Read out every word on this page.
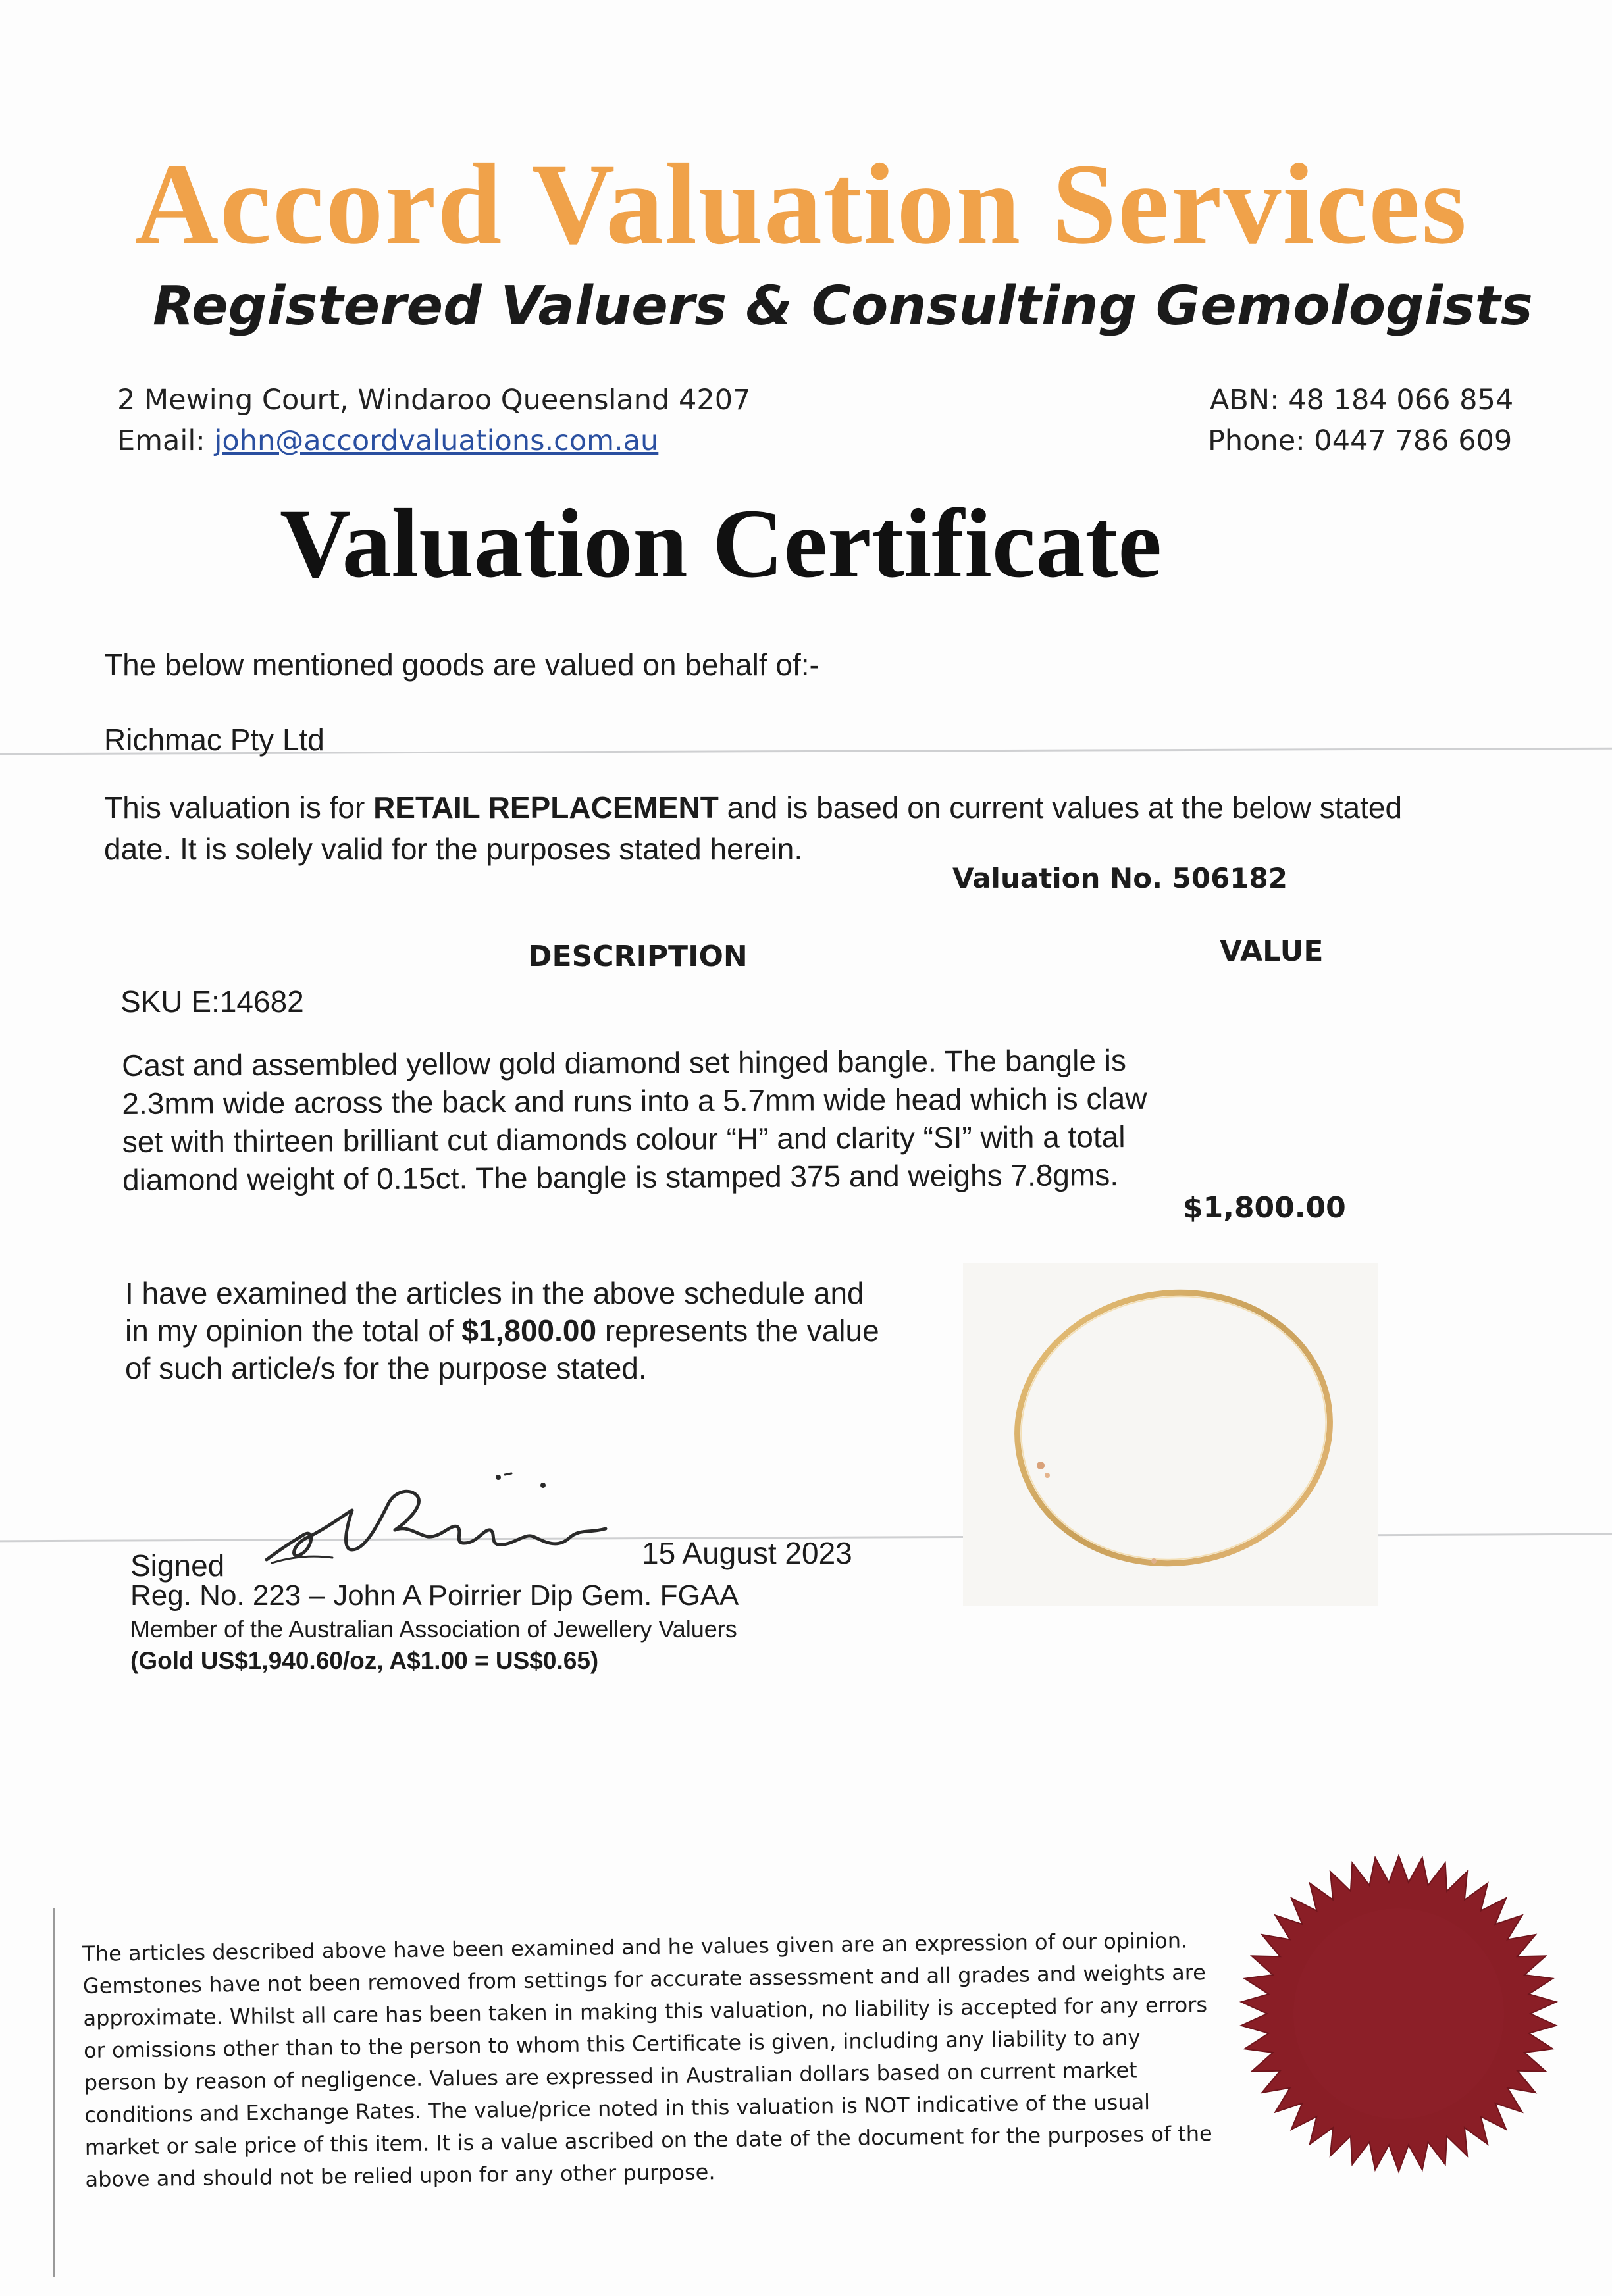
Accord Valuation Services
Registered Valuers & Consulting Gemologists
2 Mewing Court, Windaroo Queensland 4207
Email: john@accordvaluations.com.au
ABN: 48 184 066 854
Phone: 0447 786 609
Valuation Certificate
The below mentioned goods are valued on behalf of:-
Richmac Pty Ltd
This valuation is for RETAIL REPLACEMENT and is based on current values at the below stated
date. It is solely valid for the purposes stated herein.
Valuation No. 506182
DESCRIPTION	VALUE
SKU E:14682
Cast and assembled yellow gold diamond set hinged bangle. The bangle is 2.3mm wide across the back and runs into a 5.7mm wide head which is claw set with thirteen brilliant cut diamonds colour “H” and clarity “SI” with a total diamond weight of 0.15ct. The bangle is stamped 375 and weighs 7.8gms.
$1,800.00
I have examined the articles in the above schedule and
in my opinion the total of $1,800.00 represents the value
of such article/s for the purpose stated.
Signed	15 August 2023
Reg. No. 223 – John A Poirrier Dip Gem. FGAA
Member of the Australian Association of Jewellery Valuers
(Gold US$1,940.60/oz, A$1.00 = US$0.65)
The articles described above have been examined and he values given are an expression of our opinion. Gemstones have not been removed from settings for accurate assessment and all grades and weights are approximate. Whilst all care has been taken in making this valuation, no liability is accepted for any errors or omissions other than to the person to whom this Certificate is given, including any liability to any person by reason of negligence. Values are expressed in Australian dollars based on current market conditions and Exchange Rates. The value/price noted in this valuation is NOT indicative of the usual market or sale price of this item. It is a value ascribed on the date of the document for the purposes of the above and should not be relied upon for any other purpose.
